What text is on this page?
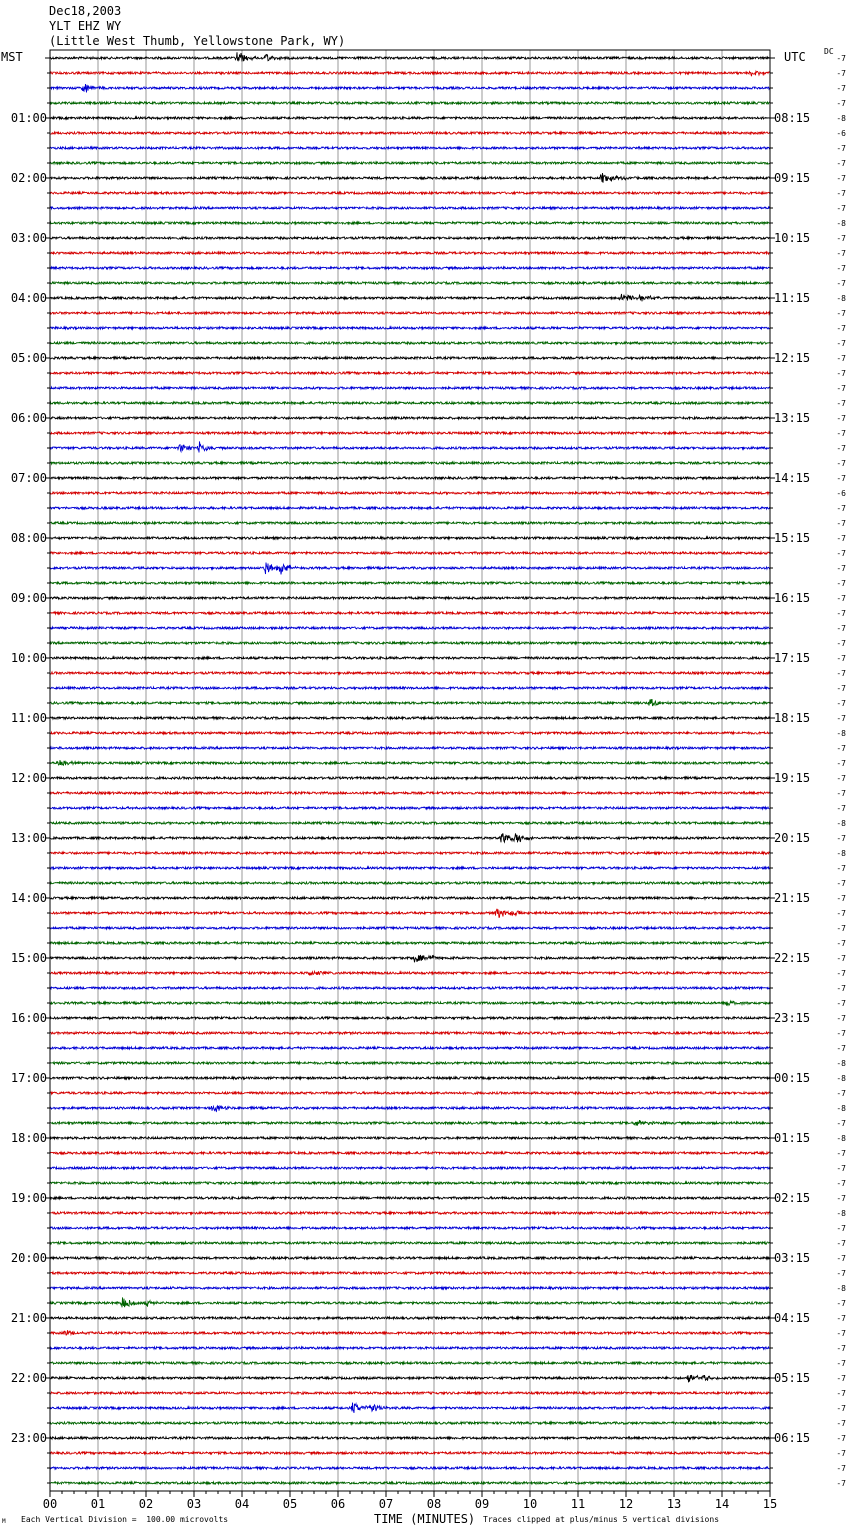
Dec18,2003
YLT EHZ WY
(Little West Thumb, Yellowstone Park, WY)
MST	UTC DC
00	01	02	03	04	05	06	07	08	09	10	11	12	13	14	15
01:00
02:00
03:00
04:00
05:00
06:00
07:00
08:00
09:00
10:00
11:00
12:00
13:00
14:00
15:00
16:00
17:00
18:00
19:00
20:00
21:00
22:00
23:00
08:15
09:15
10:15
11:15
12:15
13:15
14:15
15:15
16:15
17:15
18:15
19:15
20:15
21:15
22:15
23:15
00:15
01:15
02:15
03:15
04:15
05:15
06:15
-7
-7
-7
-7
-8
-6
-7
-7
-7
-7
-7
-8
-7
-7
-7
-7
-8
-7
-7
-7
-7
-7
-7
-7
-7
-7
-7
-7
-7
-6
-7
-7
-7
-7
-7
-7
-7
-7
-7
-7
-7
-7
-7
-7
-7
-8
-7
-7
-7
-7
-7
-8
-7
-8
-7
-7
-7
-7
-7
-7
-7
-7
-7
-7
-7
-7
-7
-8
-8
-7
-8
-7
-8
-7
-7
-7
-7
-8
-7
-7
-7
-7
-8
-7
-7
-7
-7
-7
-7
-7
-7
-7
-7
-7
-7
-7
TIME (MINUTES)
M Each Vertical Division =  100.00 microvolts	Traces clipped at plus/minus 5 vertical divisions
